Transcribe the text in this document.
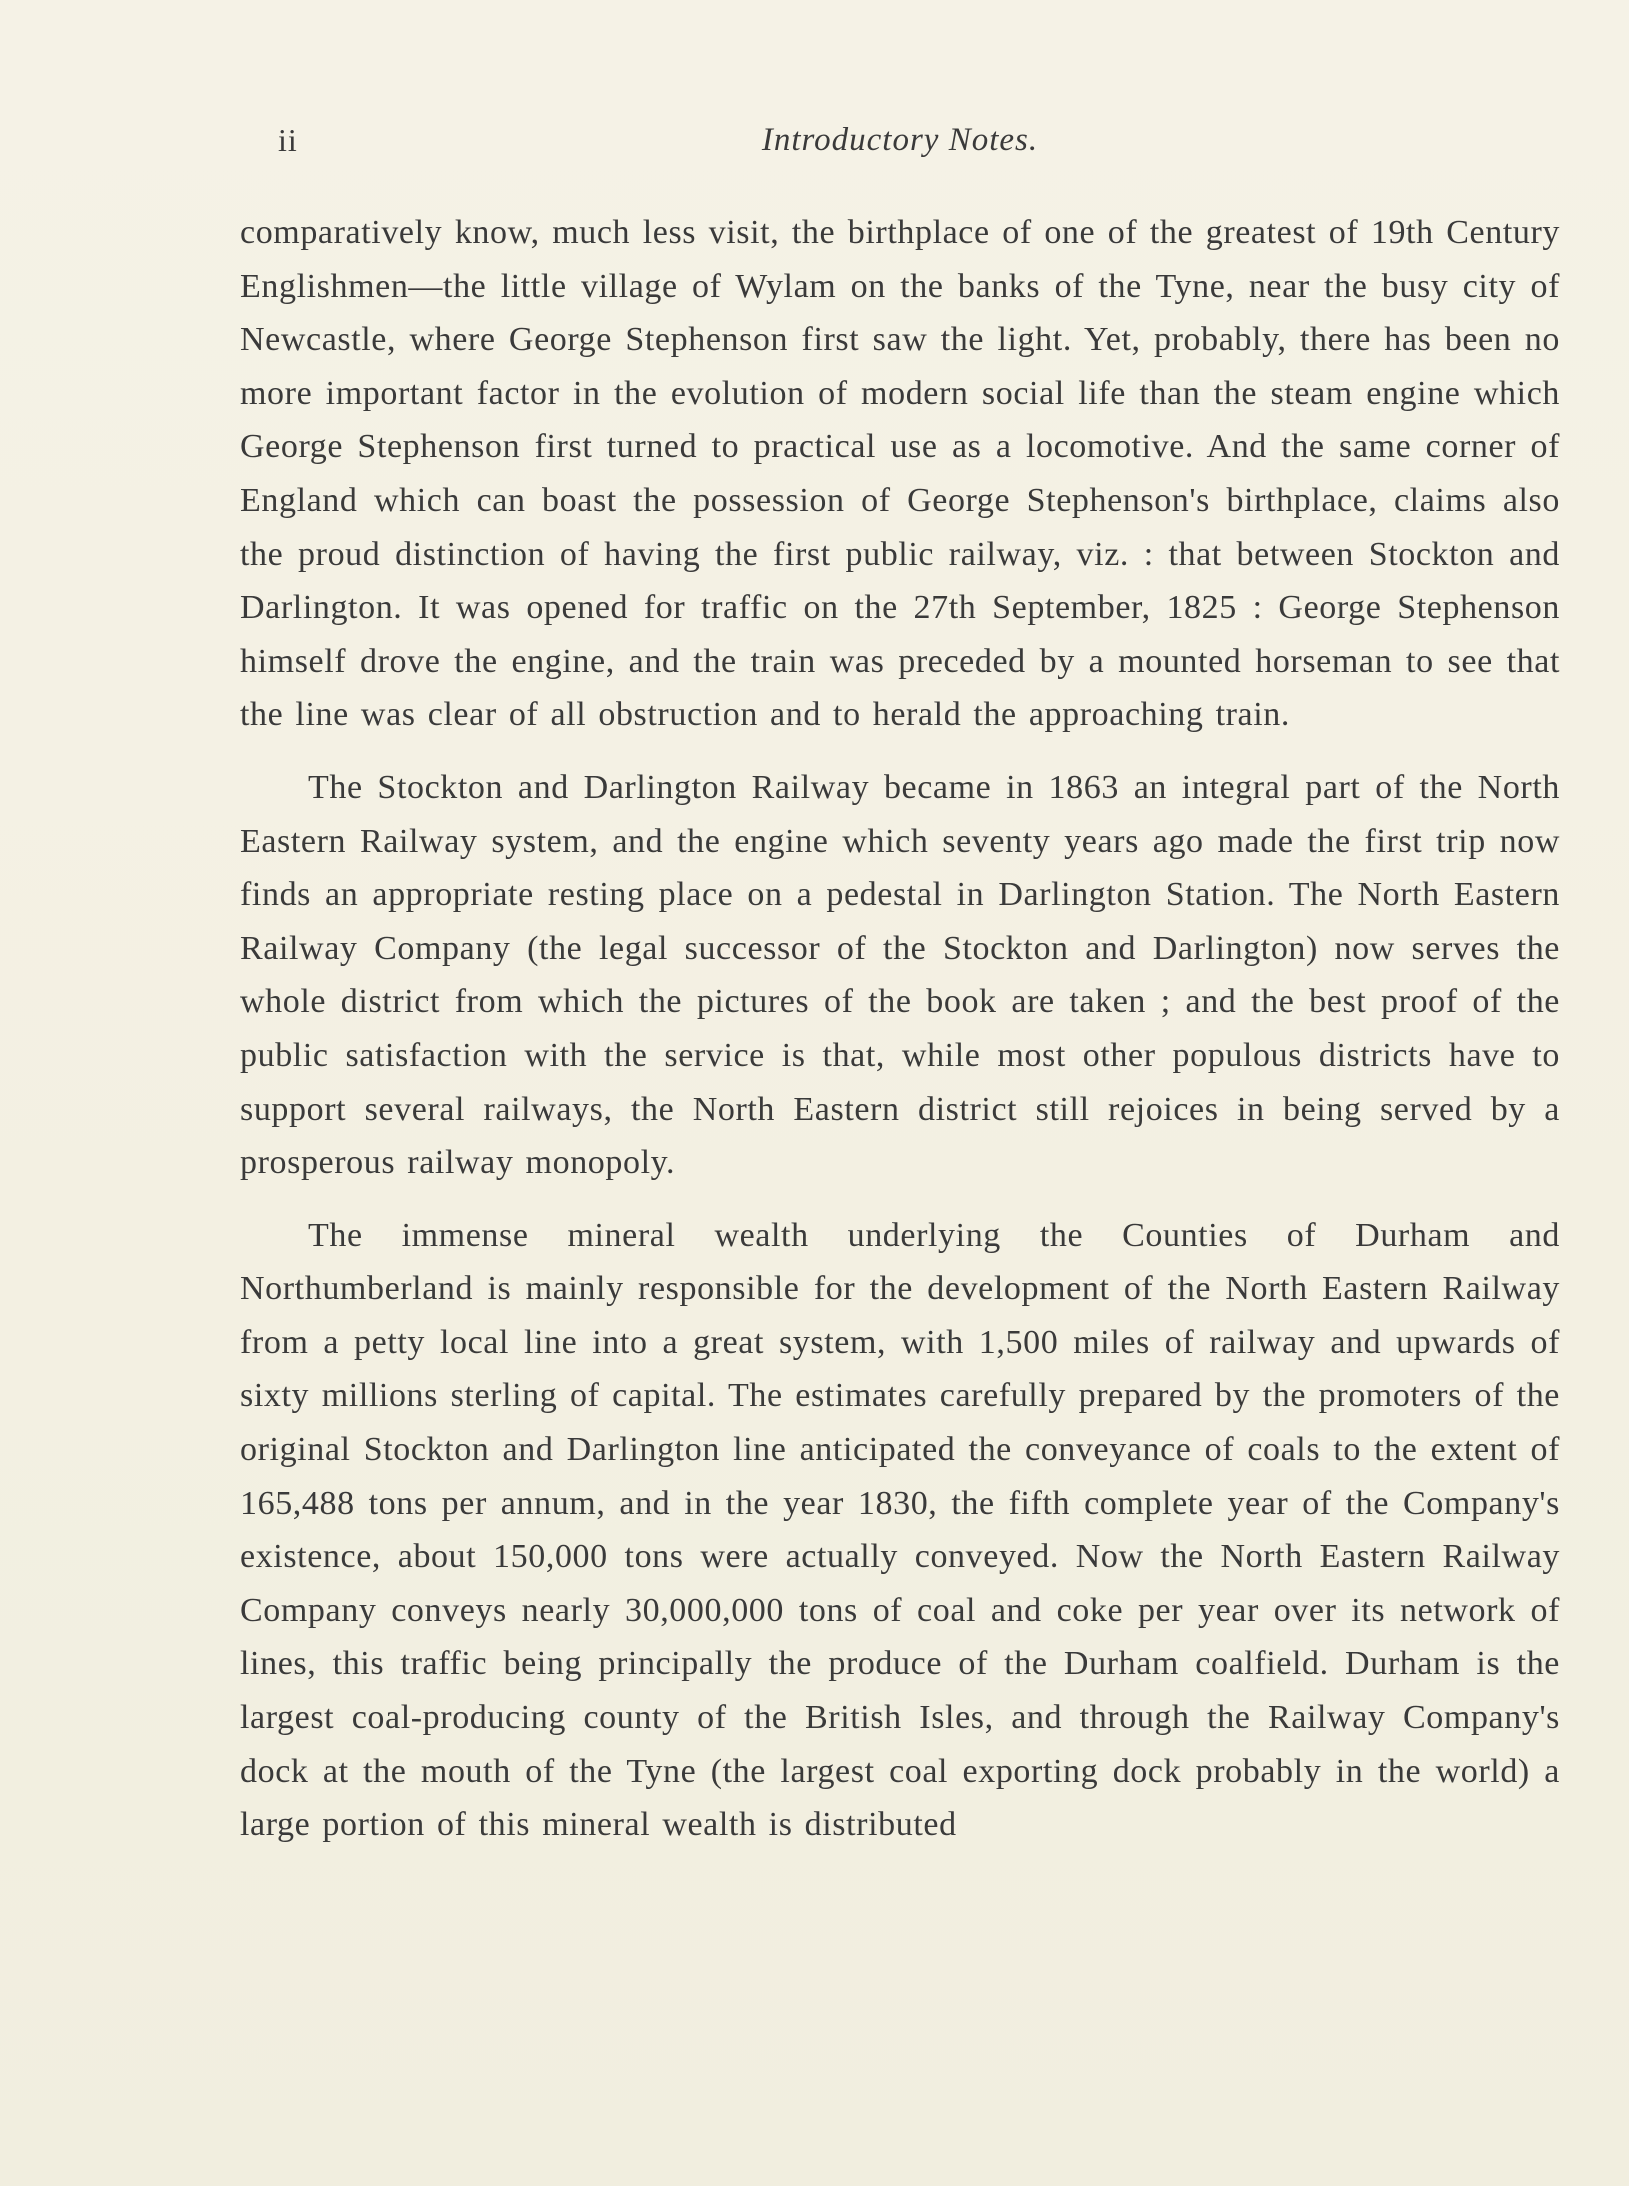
ii	Introductory Notes.

comparatively know, much less visit, the birthplace of one of the greatest of 19th Century Englishmen—the little village of Wylam on the banks of the Tyne, near the busy city of Newcastle, where George Stephenson first saw the light. Yet, probably, there has been no more important factor in the evolution of modern social life than the steam engine which George Stephenson first turned to practical use as a locomotive. And the same corner of England which can boast the possession of George Stephenson's birthplace, claims also the proud distinction of having the first public railway, viz. : that between Stockton and Darlington. It was opened for traffic on the 27th September, 1825 : George Stephenson himself drove the engine, and the train was preceded by a mounted horseman to see that the line was clear of all obstruction and to herald the approaching train.

The Stockton and Darlington Railway became in 1863 an integral part of the North Eastern Railway system, and the engine which seventy years ago made the first trip now finds an appropriate resting place on a pedestal in Darlington Station. The North Eastern Railway Company (the legal successor of the Stockton and Darlington) now serves the whole district from which the pictures of the book are taken ; and the best proof of the public satisfaction with the service is that, while most other populous districts have to support several railways, the North Eastern district still rejoices in being served by a prosperous railway monopoly.

The immense mineral wealth underlying the Counties of Durham and Northumberland is mainly responsible for the development of the North Eastern Railway from a petty local line into a great system, with 1,500 miles of railway and upwards of sixty millions sterling of capital. The estimates carefully prepared by the promoters of the original Stockton and Darlington line anticipated the conveyance of coals to the extent of 165,488 tons per annum, and in the year 1830, the fifth complete year of the Company's existence, about 150,000 tons were actually conveyed. Now the North Eastern Railway Company conveys nearly 30,000,000 tons of coal and coke per year over its network of lines, this traffic being principally the produce of the Durham coalfield. Durham is the largest coal-producing county of the British Isles, and through the Railway Company's dock at the mouth of the Tyne (the largest coal exporting dock probably in the world) a large portion of this mineral wealth is distributed
